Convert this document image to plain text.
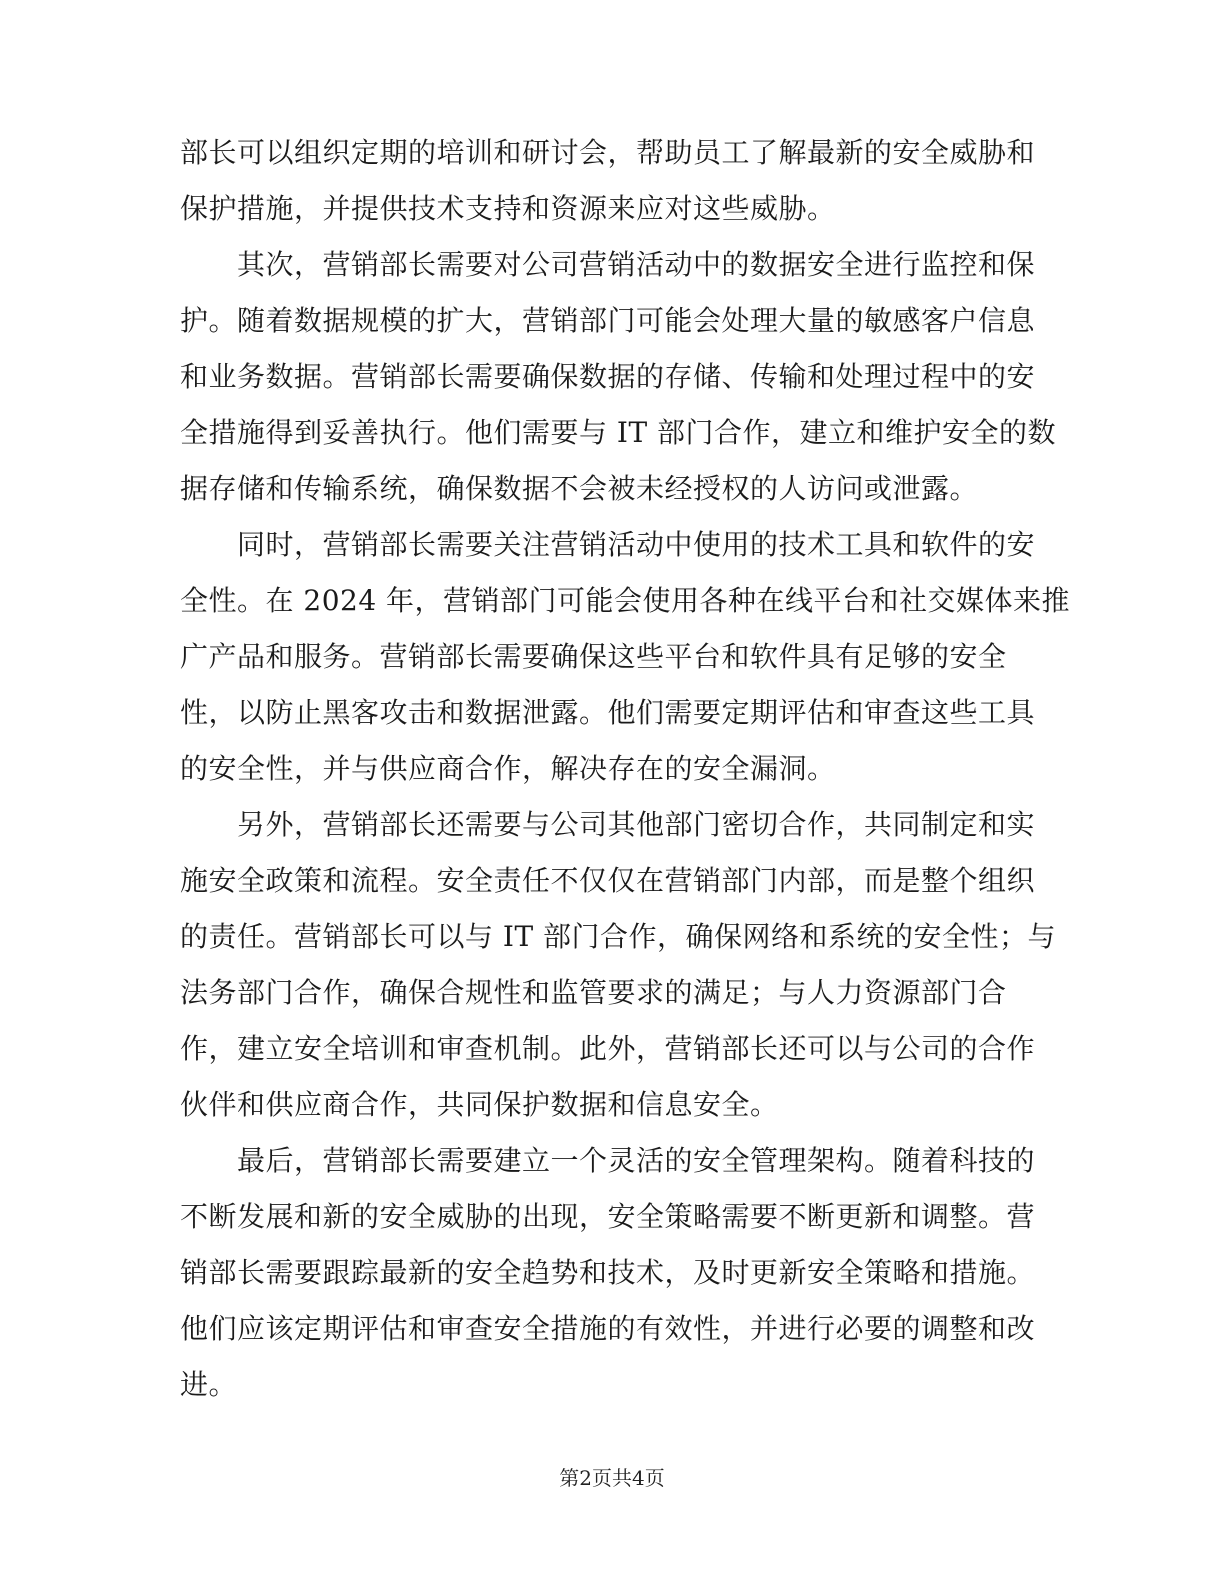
部长可以组织定期的培训和研讨会，帮助员工了解最新的安全威胁和
保护措施，并提供技术支持和资源来应对这些威胁。
　　其次，营销部长需要对公司营销活动中的数据安全进行监控和保
护。随着数据规模的扩大，营销部门可能会处理大量的敏感客户信息
和业务数据。营销部长需要确保数据的存储、传输和处理过程中的安
全措施得到妥善执行。他们需要与 IT 部门合作，建立和维护安全的数
据存储和传输系统，确保数据不会被未经授权的人访问或泄露。
　　同时，营销部长需要关注营销活动中使用的技术工具和软件的安
全性。在 2024 年，营销部门可能会使用各种在线平台和社交媒体来推
广产品和服务。营销部长需要确保这些平台和软件具有足够的安全
性，以防止黑客攻击和数据泄露。他们需要定期评估和审查这些工具
的安全性，并与供应商合作，解决存在的安全漏洞。
　　另外，营销部长还需要与公司其他部门密切合作，共同制定和实
施安全政策和流程。安全责任不仅仅在营销部门内部，而是整个组织
的责任。营销部长可以与 IT 部门合作，确保网络和系统的安全性；与
法务部门合作，确保合规性和监管要求的满足；与人力资源部门合
作，建立安全培训和审查机制。此外，营销部长还可以与公司的合作
伙伴和供应商合作，共同保护数据和信息安全。
　　最后，营销部长需要建立一个灵活的安全管理架构。随着科技的
不断发展和新的安全威胁的出现，安全策略需要不断更新和调整。营
销部长需要跟踪最新的安全趋势和技术，及时更新安全策略和措施。
他们应该定期评估和审查安全措施的有效性，并进行必要的调整和改
进。
第2页共4页
